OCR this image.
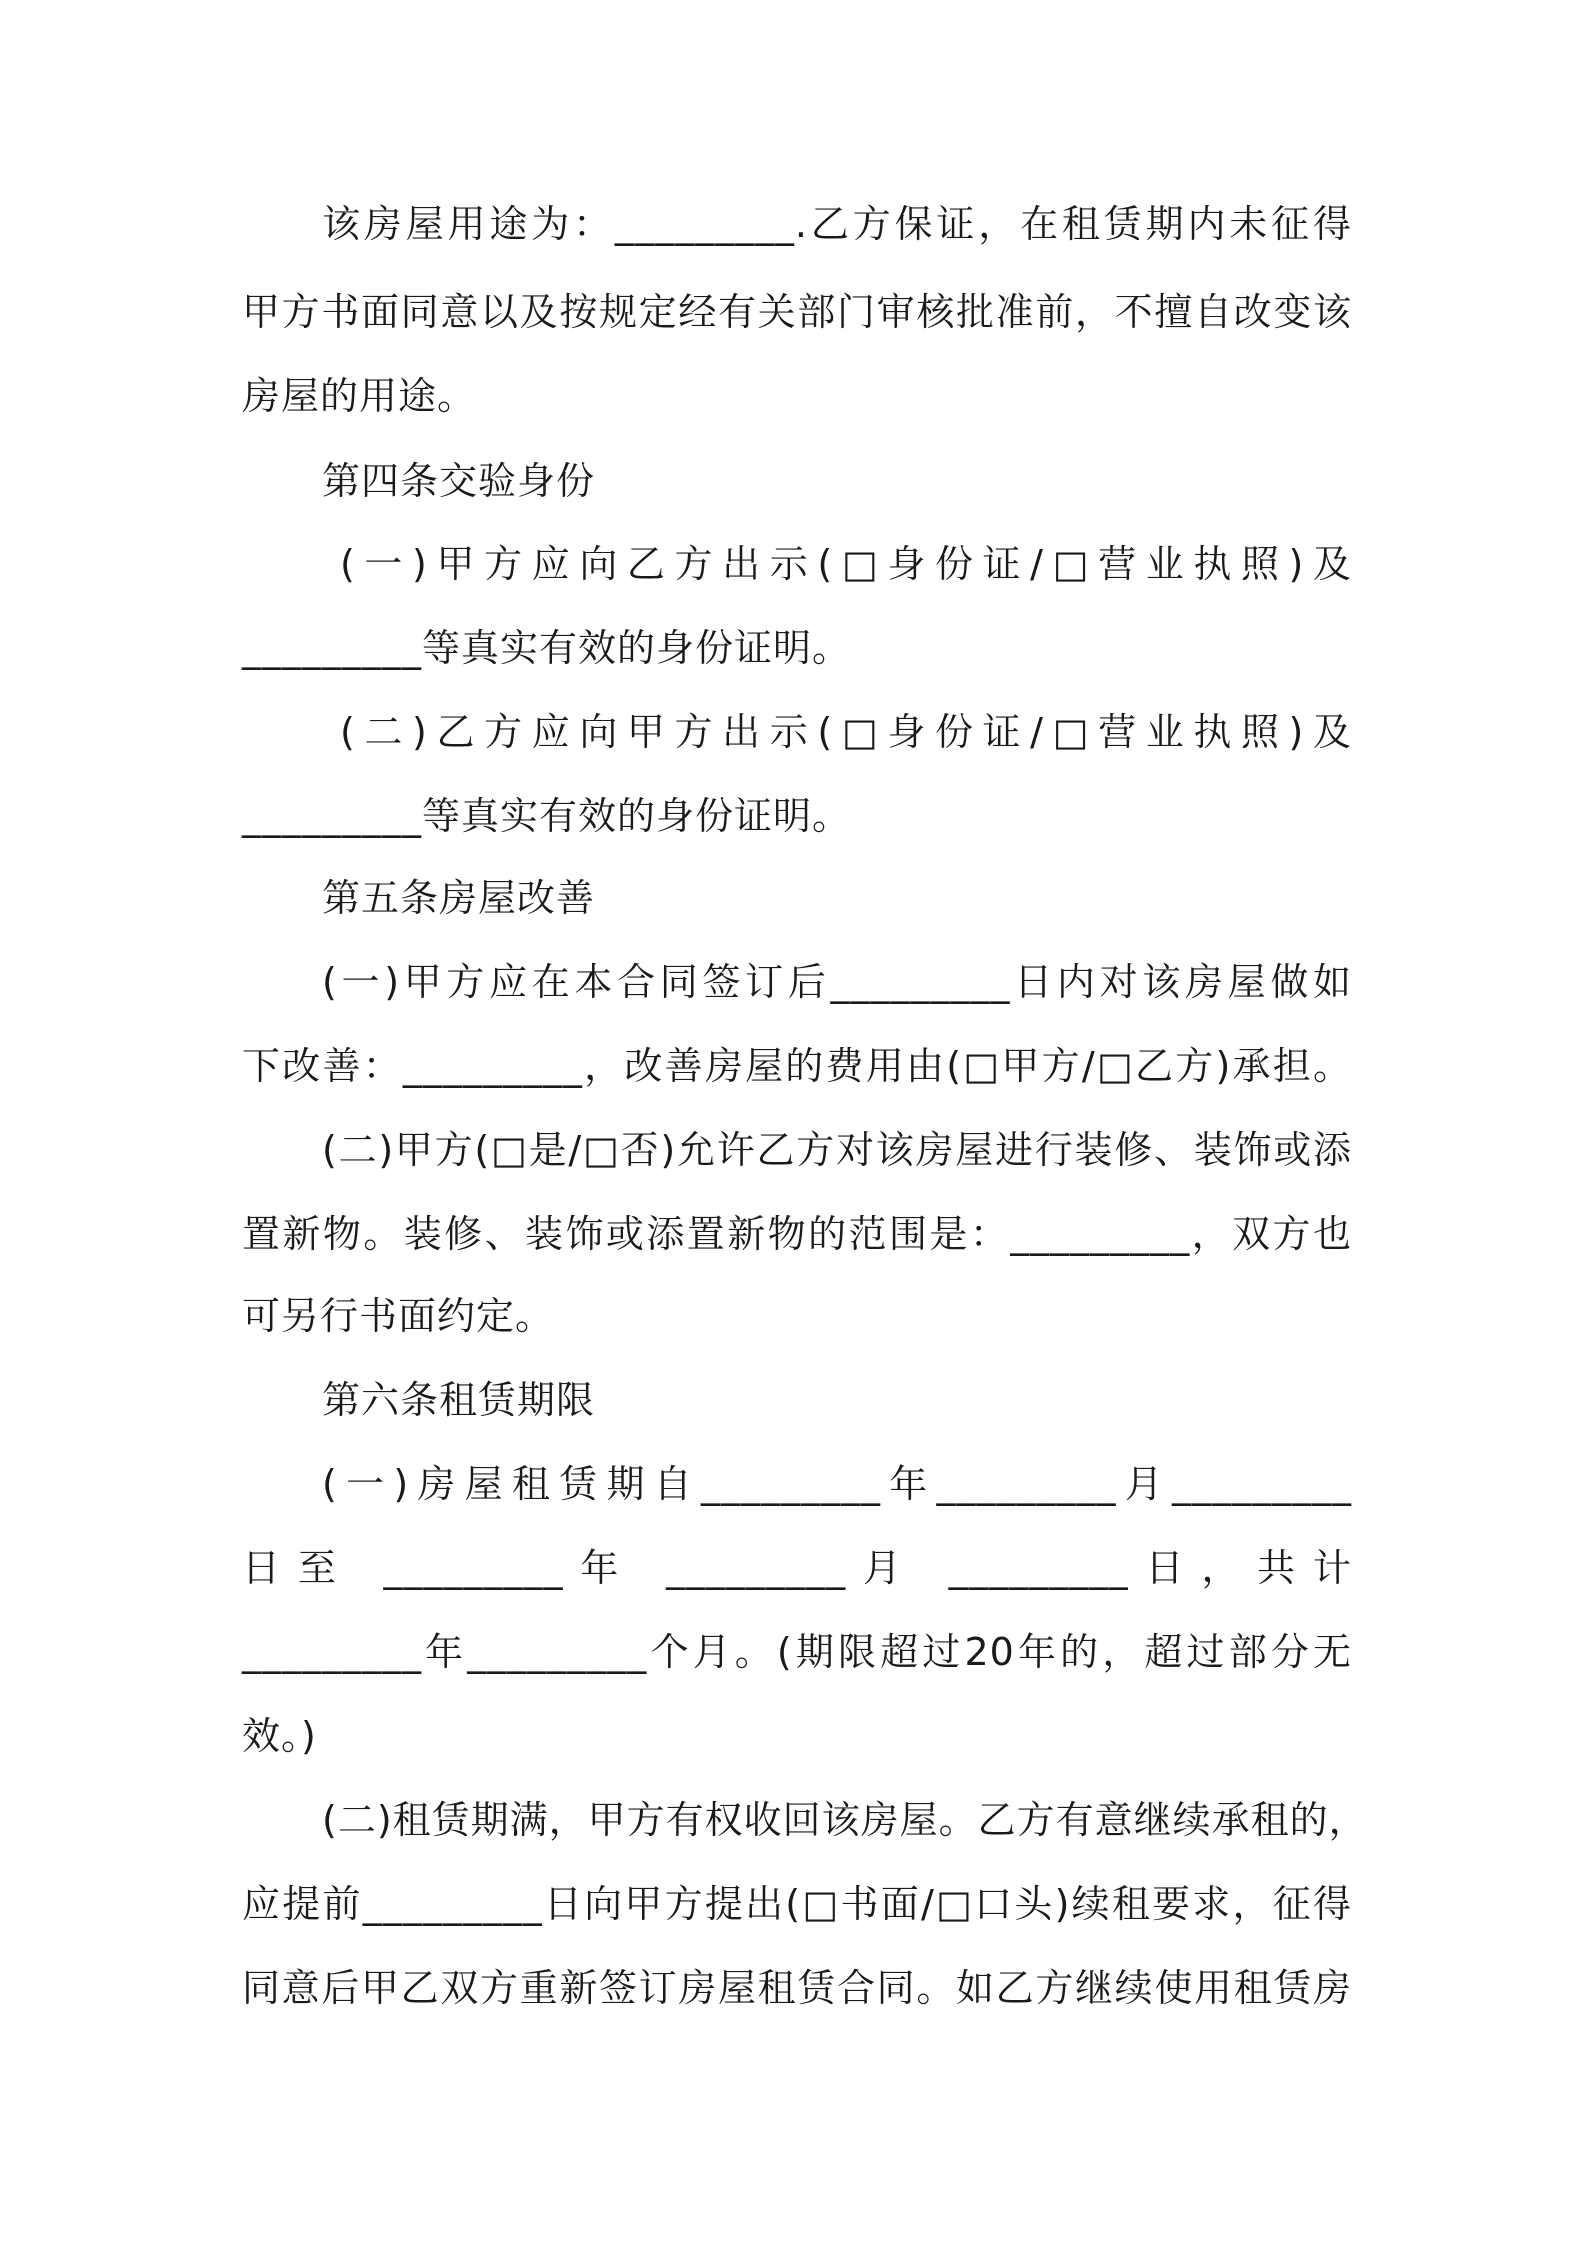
该房屋用途为：_________.乙方保证，在租赁期内未征得
甲方书面同意以及按规定经有关部门审核批准前，不擅自改变该
房屋的用途。
第四条交验身份
(一)甲方应向乙方出示(□身份证/□营业执照)及
_________等真实有效的身份证明。
(二)乙方应向甲方出示(□身份证/□营业执照)及
_________等真实有效的身份证明。
第五条房屋改善
(一)甲方应在本合同签订后_________日内对该房屋做如
下改善：_________，改善房屋的费用由(□甲方/□乙方)承担。
(二)甲方(□是/□否)允许乙方对该房屋进行装修、装饰或添
置新物。装修、装饰或添置新物的范围是：_________，双方也
可另行书面约定。
第六条租赁期限
(一)房屋租赁期自_________年_________月_________
日至 _________年 _________月 _________日，共计
_________年_________个月。(期限超过20年的，超过部分无
效。)
(二)租赁期满，甲方有权收回该房屋。乙方有意继续承租的，
应提前_________日向甲方提出(□书面/□口头)续租要求，征得
同意后甲乙双方重新签订房屋租赁合同。如乙方继续使用租赁房
